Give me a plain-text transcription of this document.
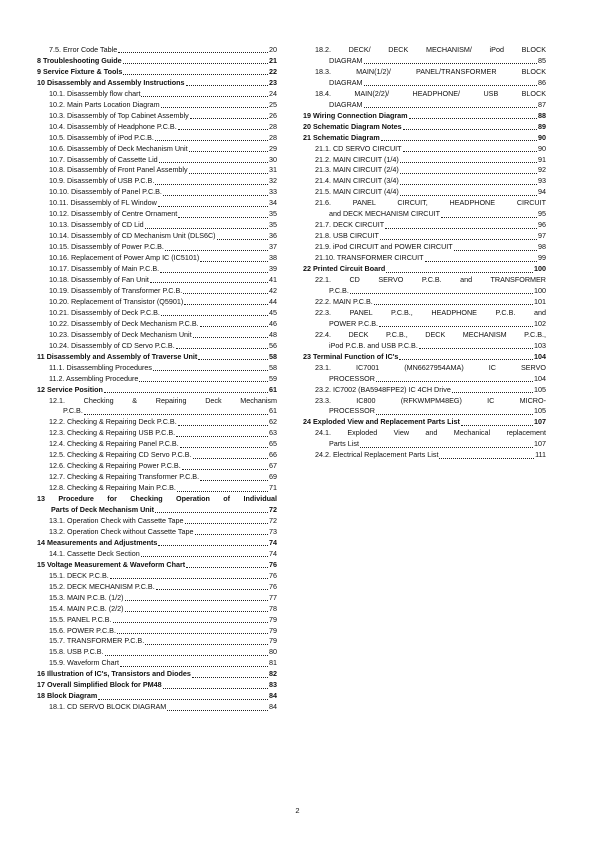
7.5. Error Code Table	20
8 Troubleshooting Guide	21
9 Service Fixture & Tools	22
10 Disassembly and Assembly Instructions	23
10.1. Disassembly flow chart	24
10.2. Main Parts Location Diagram	25
10.3. Disassembly of Top Cabinet Assembly	26
10.4. Disassembly of Headphone P.C.B.	28
10.5. Disassembly of iPod P.C.B.	28
10.6. Disassembly of Deck Mechanism Unit	29
10.7. Disassembly of Cassette Lid	30
10.8. Disassembly of Front Panel Assembly	31
10.9. Disassembly of USB P.C.B.	32
10.10. Disassembly of Panel P.C.B.	33
10.11. Disassembly of FL Window	34
10.12. Disassembly of Centre Ornament	35
10.13. Disassembly of CD Lid	35
10.14. Disassembly of CD Mechanism Unit (DLS6C)	36
10.15. Disassembly of Power P.C.B.	37
10.16. Replacement of Power Amp IC (IC5101)	38
10.17. Disassembly of Main P.C.B.	39
10.18. Disassembly of Fan Unit	41
10.19. Disassembly of Transformer P.C.B.	42
10.20. Replacement of Transistor (Q5901)	44
10.21. Disassembly of Deck P.C.B.	45
10.22. Disassembly of Deck Mechanism P.C.B.	46
10.23. Disassembly of Deck Mechanism Unit	48
10.24. Disassembly of CD Servo P.C.B.	56
11 Disassembly and Assembly of Traverse Unit	58
11.1. Disassembling Procedures	58
11.2. Assembling Procedure	59
12 Service Position	61
12.1. Checking & Repairing Deck Mechanism
P.C.B.	61
12.2. Checking & Repairing Deck P.C.B.	62
12.3. Checking & Repairing USB P.C.B.	63
12.4. Checking & Repairing Panel P.C.B.	65
12.5. Checking & Repairing CD Servo P.C.B.	66
12.6. Checking & Repairing Power P.C.B.	67
12.7. Checking & Repairing Transformer P.C.B.	69
12.8. Checking & Repairing Main P.C.B.	71
13 Procedure for Checking Operation of Individual
Parts of Deck Mechanism Unit	72
13.1. Operation Check with Cassette Tape	72
13.2. Operation Check without Cassette Tape	73
14 Measurements and Adjustments	74
14.1. Cassette Deck Section	74
15 Voltage Measurement & Waveform Chart	76
15.1. DECK P.C.B.	76
15.2. DECK MECHANISM P.C.B.	76
15.3. MAIN P.C.B. (1/2)	77
15.4. MAIN P.C.B. (2/2)	78
15.5. PANEL P.C.B.	79
15.6. POWER P.C.B.	79
15.7. TRANSFORMER P.C.B.	79
15.8. USB P.C.B.	80
15.9. Waveform Chart	81
16 Illustration of IC's, Transistors and Diodes	82
17 Overall Simplified Block for PM48	83
18 Block Diagram	84
18.1. CD SERVO BLOCK DIAGRAM	84
18.2. DECK/ DECK MECHANISM/ iPod BLOCK
DIAGRAM	85
18.3. MAIN(1/2)/ PANEL/TRANSFORMER BLOCK
DIAGRAM	86
18.4. MAIN(2/2)/ HEADPHONE/ USB BLOCK
DIAGRAM	87
19 Wiring Connection Diagram	88
20 Schematic Diagram Notes	89
21 Schematic Diagram	90
21.1. CD SERVO CIRCUIT	90
21.2. MAIN CIRCUIT (1/4)	91
21.3. MAIN CIRCUIT (2/4)	92
21.4. MAIN CIRCUIT (3/4)	93
21.5. MAIN CIRCUIT (4/4)	94
21.6. PANEL CIRCUIT, HEADPHONE CIRCUIT
and DECK MECHANISM CIRCUIT	95
21.7. DECK CIRCUIT	96
21.8. USB CIRCUIT	97
21.9. iPod CIRCUIT and POWER CIRCUIT	98
21.10. TRANSFORMER CIRCUIT	99
22 Printed Circuit Board	100
22.1. CD SERVO P.C.B. and TRANSFORMER
P.C.B.	100
22.2. MAIN P.C.B.	101
22.3. PANEL P.C.B., HEADPHONE P.C.B. and
POWER P.C.B.	102
22.4. DECK P.C.B., DECK MECHANISM P.C.B.,
iPod P.C.B. and USB P.C.B.	103
23 Terminal Function of IC's	104
23.1. IC7001 (MN6627954AMA) IC SERVO
PROCESSOR	104
23.2. IC7002 (BA5948FPE2) IC 4CH Drive	105
23.3. IC800 (RFKWMPM48EG) IC MICRO-
PROCESSOR	105
24 Exploded View and Replacement Parts List	107
24.1. Exploded View and Mechanical replacement
Parts List	107
24.2. Electrical Replacement Parts List	111
2
